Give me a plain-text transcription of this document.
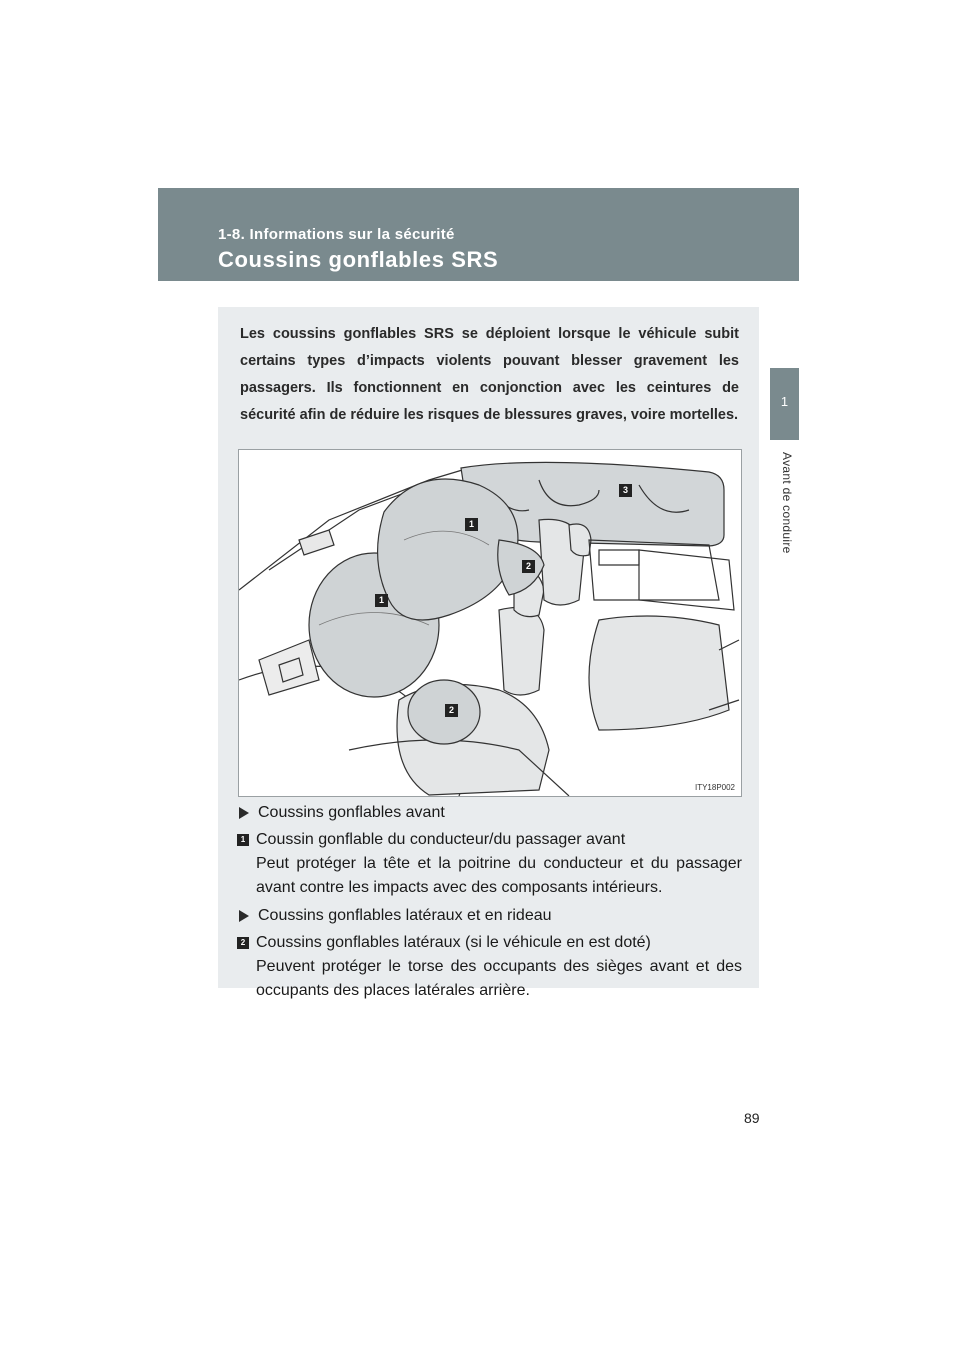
1-8. Informations sur la sécurité
Coussins gonflables SRS
1
Avant de conduire
Les coussins gonflables SRS se déploient lorsque le véhicule subit certains types d’impacts violents pouvant blesser gravement les passagers. Ils fonctionnent en conjonction avec les ceintures de sécurité afin de réduire les risques de blessures graves, voire mortelles.
1
2
3
1
2
ITY18P002
Coussins gonflables avant
1 Coussin gonflable du conducteur/du passager avant
Peut protéger la tête et la poitrine du conducteur et du passager avant contre les impacts avec des composants intérieurs.
Coussins gonflables latéraux et en rideau
2 Coussins gonflables latéraux (si le véhicule en est doté)
Peuvent protéger le torse des occupants des sièges avant et des occupants des places latérales arrière.
89
